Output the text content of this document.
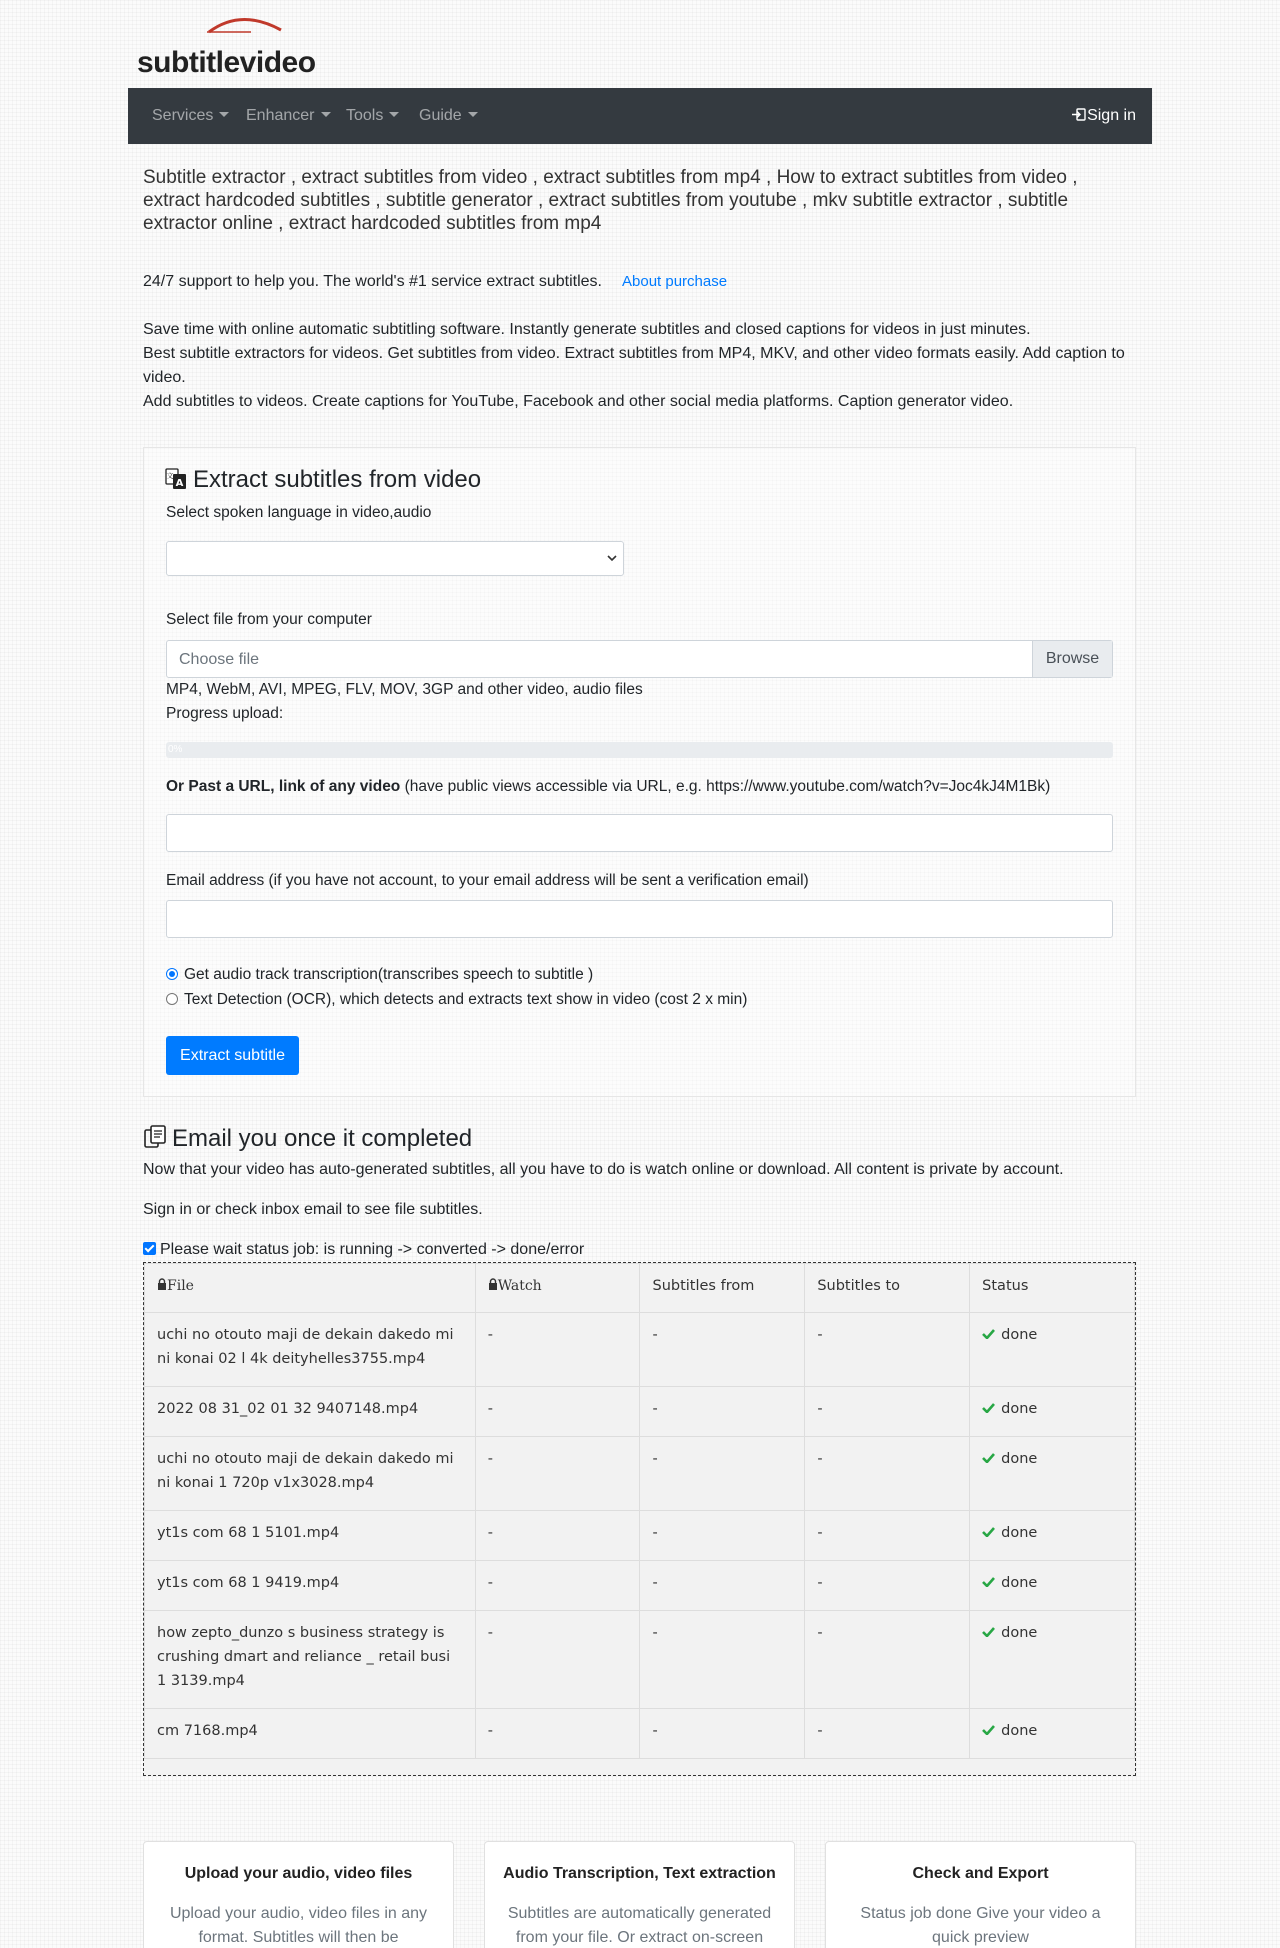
subtitlevideo
Services	Enhancer	Tools	Guide	Sign in
Subtitle extractor , extract subtitles from video , extract subtitles from mp4 , How to extract subtitles from video , extract hardcoded subtitles , subtitle generator , extract subtitles from youtube , mkv subtitle extractor , subtitle extractor online , extract hardcoded subtitles from mp4
24/7 support to help you. The world's #1 service extract subtitles. About purchase
Save time with online automatic subtitling software. Instantly generate subtitles and closed captions for videos in just minutes.
Best subtitle extractors for videos. Get subtitles from video. Extract subtitles from MP4, MKV, and other video formats easily. Add caption to video.
Add subtitles to videos. Create captions for YouTube, Facebook and other social media platforms. Caption generator video.
A
文 Extract subtitles from video
Select spoken language in video,audio
Select file from your computer
Choose file	Browse
MP4, WebM, AVI, MPEG, FLV, MOV, 3GP and other video, audio files
Progress upload:
0%
Or Past a URL, link of any video (have public views accessible via URL, e.g. https://www.youtube.com/watch?v=Joc4kJ4M1Bk)
Email address (if you have not account, to your email address will be sent a verification email)
Get audio track transcription(transcribes speech to subtitle )
Text Detection (OCR), which detects and extracts text show in video (cost 2 x min)
Extract subtitle
Email you once it completed
Now that your video has auto-generated subtitles, all you have to do is watch online or download. All content is private by account.
Sign in or check inbox email to see file subtitles.
Please wait status job: is running -> converted -> done/error
File	Watch	Subtitles from	Subtitles to	Status
uchi no otouto maji de dekain dakedo mi ni konai 02 l 4k deityhelles3755.mp4	-	-	-	done
2022 08 31_02 01 32 9407148.mp4	-	-	-	done
uchi no otouto maji de dekain dakedo mi ni konai 1 720p v1x3028.mp4	-	-	-	done
yt1s com 68 1 5101.mp4	-	-	-	done
yt1s com 68 1 9419.mp4	-	-	-	done
how zepto_dunzo s business strategy is crushing dmart and reliance _ retail busi 1 3139.mp4	-	-	-	done
cm 7168.mp4	-	-	-	done
Upload your audio, video files

Upload your audio, video files in any format. Subtitles will then be

Audio Transcription, Text extraction

Subtitles are automatically generated from your file. Or extract on-screen

Check and Export

Status job done Give your video a quick preview
